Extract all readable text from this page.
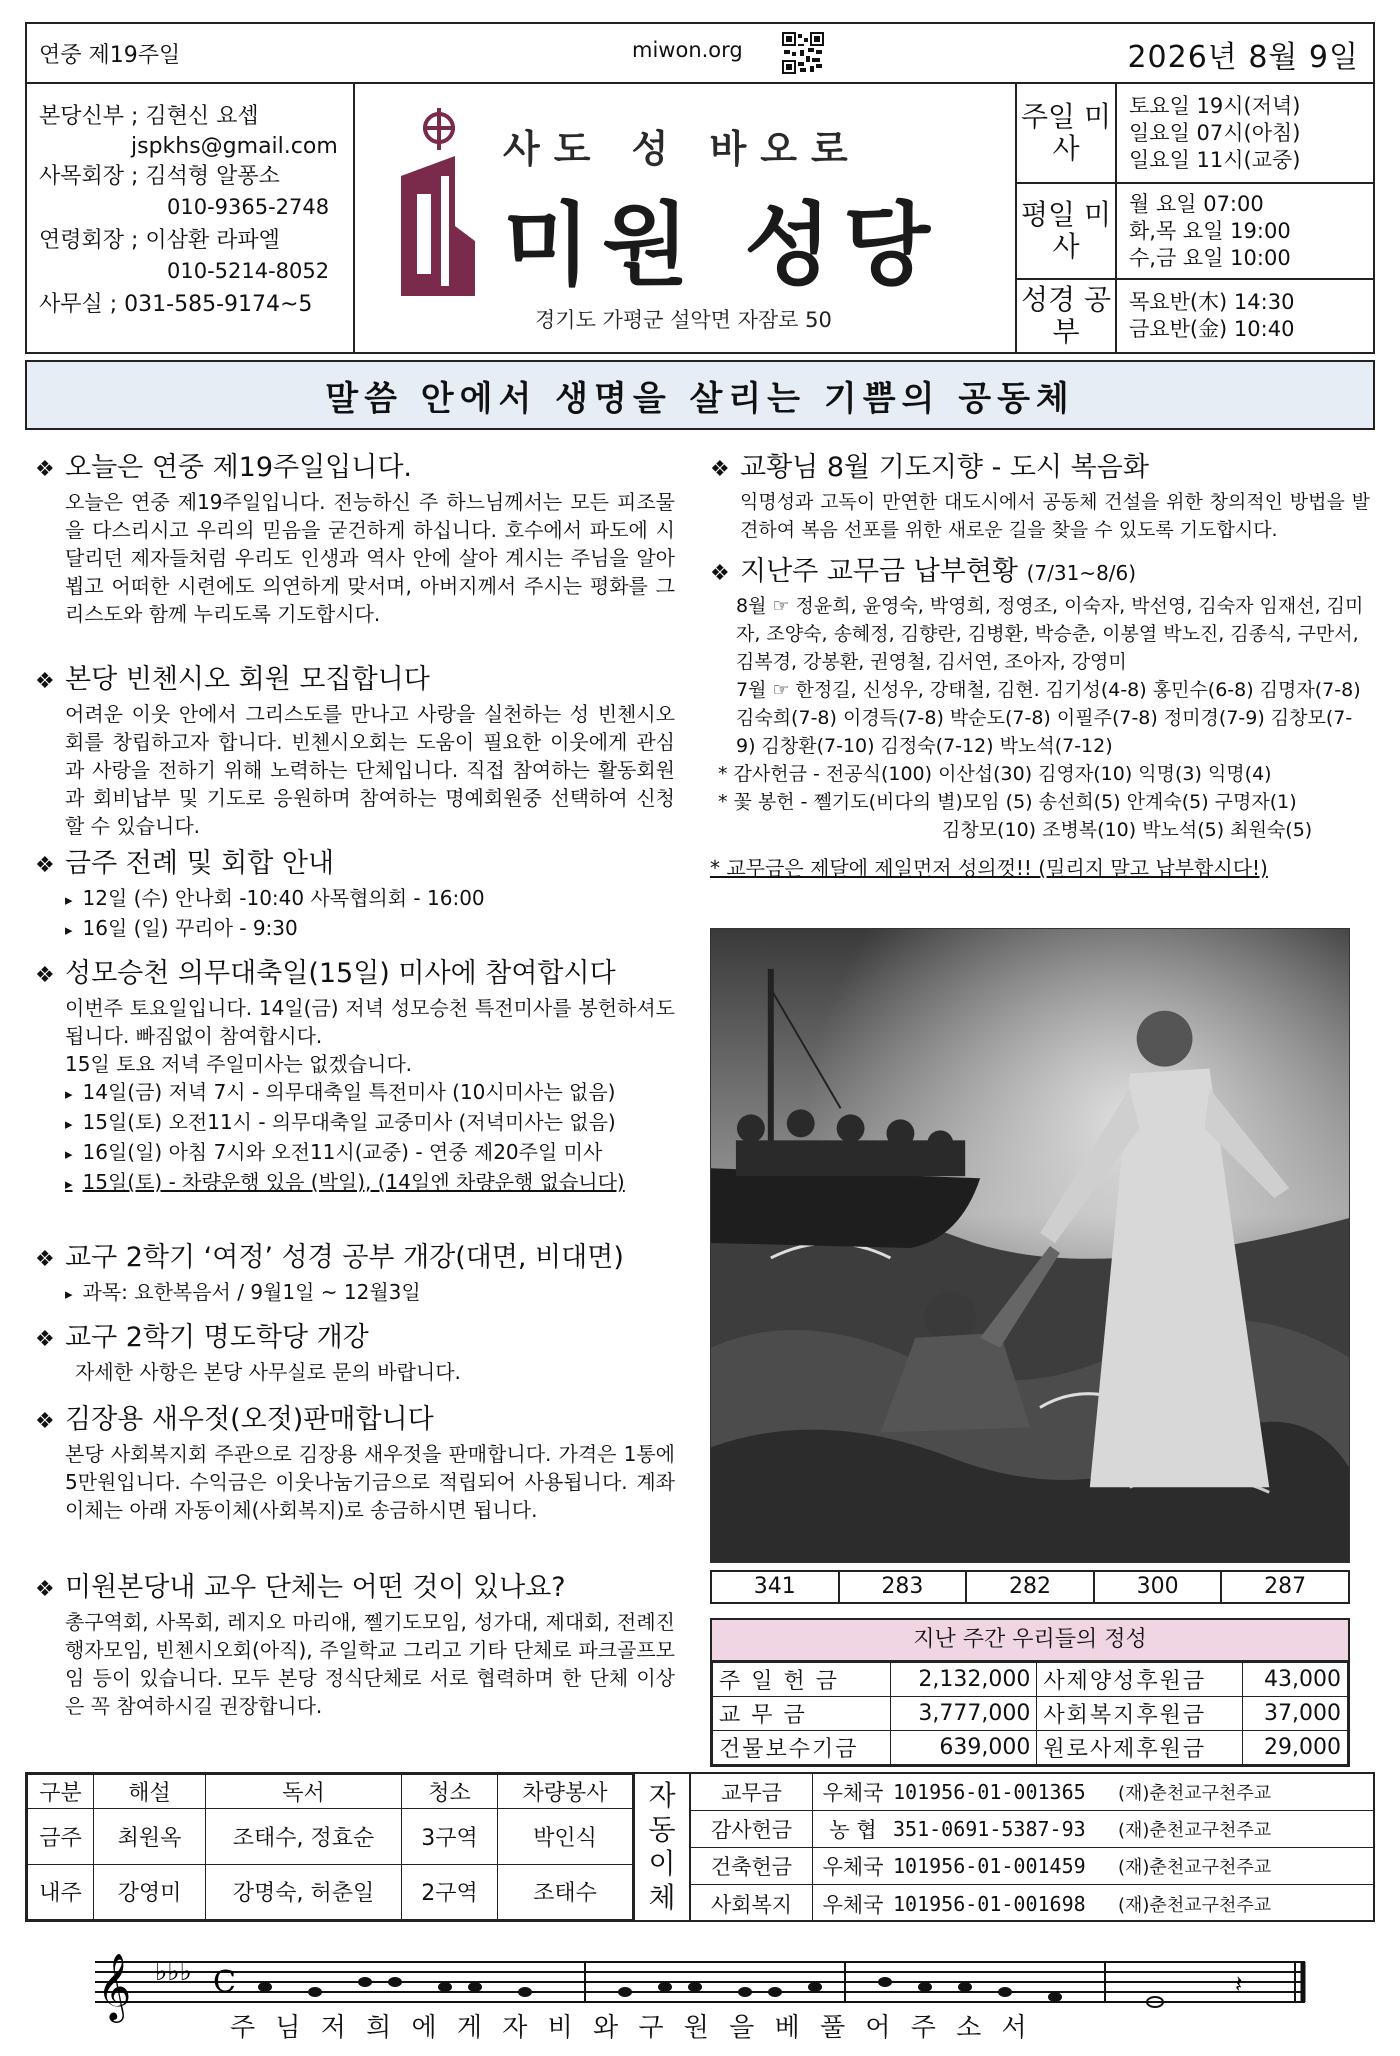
연중 제19주일	miwon.org	2026년 8월 9일
본당신부 ; 김현신 요셉
jspkhs@gmail.com
사목회장 ; 김석형 알퐁소
010-9365-2748
연령회장 ; 이삼환 라파엘
010-5214-8052
사무실 ; 031-585-9174~5
사도 성 바오로
미원 성당
경기도 가평군 설악면 자잠로 50
주일 미사
토요일 19시(저녁)
일요일 07시(아침)
일요일 11시(교중)
평일 미사
월 요일 07:00
화,목 요일 19:00
수,금 요일 10:00
성경 공부
목요반(木) 14:30
금요반(金) 10:40
말씀 안에서 생명을 살리는 기쁨의 공동체
❖ 오늘은 연중 제19주일입니다.
오늘은 연중 제19주일입니다. 전능하신 주 하느님께서는 모든 피조물을 다스리시고 우리의 믿음을 굳건하게 하십니다. 호수에서 파도에 시달리던 제자들처럼 우리도 인생과 역사 안에 살아 계시는 주님을 알아 뵙고 어떠한 시련에도 의연하게 맞서며, 아버지께서 주시는 평화를 그리스도와 함께 누리도록 기도합시다.
❖ 본당 빈첸시오 회원 모집합니다
어려운 이웃 안에서 그리스도를 만나고 사랑을 실천하는 성 빈첸시오회를 창립하고자 합니다. 빈첸시오회는 도움이 필요한 이웃에게 관심과 사랑을 전하기 위해 노력하는 단체입니다. 직접 참여하는 활동회원과 회비납부 및 기도로 응원하며 참여하는 명예회원중 선택하여 신청할 수 있습니다.
❖ 금주 전례 및 회합 안내
▸ 12일 (수) 안나회 -10:40 사목협의회 - 16:00
▸ 16일 (일) 꾸리아 - 9:30
❖ 성모승천 의무대축일(15일) 미사에 참여합시다
이번주 토요일입니다. 14일(금) 저녁 성모승천 특전미사를 봉헌하셔도 됩니다. 빠짐없이 참여합시다.
15일 토요 저녁 주일미사는 없겠습니다.
▸ 14일(금) 저녁 7시 - 의무대축일 특전미사 (10시미사는 없음)
▸ 15일(토) 오전11시 - 의무대축일 교중미사 (저녁미사는 없음)
▸ 16일(일) 아침 7시와 오전11시(교중) - 연중 제20주일 미사
▸ 15일(토) - 차량운행 있음 (박일), (14일엔 차량운행 없습니다)
❖ 교구 2학기 ‘여정’ 성경 공부 개강(대면, 비대면)
▸ 과목: 요한복음서 / 9월1일 ~ 12월3일
❖ 교구 2학기 명도학당 개강
자세한 사항은 본당 사무실로 문의 바랍니다.
❖ 김장용 새우젓(오젓)판매합니다
본당 사회복지회 주관으로 김장용 새우젓을 판매합니다. 가격은 1통에 5만원입니다. 수익금은 이웃나눔기금으로 적립되어 사용됩니다. 계좌이체는 아래 자동이체(사회복지)로 송금하시면 됩니다.
❖ 미원본당내 교우 단체는 어떤 것이 있나요?
총구역회, 사목회, 레지오 마리애, 쩰기도모임, 성가대, 제대회, 전례진행자모임, 빈첸시오회(아직), 주일학교 그리고 기타 단체로 파크골프모임 등이 있습니다. 모두 본당 정식단체로 서로 협력하며 한 단체 이상은 꼭 참여하시길 권장합니다.
❖ 교황님 8월 기도지향 - 도시 복음화
익명성과 고독이 만연한 대도시에서 공동체 건설을 위한 창의적인 방법을 발견하여 복음 선포를 위한 새로운 길을 찾을 수 있도록 기도합시다.
❖ 지난주 교무금 납부현황 (7/31~8/6)
8월 ☞ 정윤희, 윤영숙, 박영희, 정영조, 이숙자, 박선영, 김숙자 임재선, 김미자, 조양숙, 송혜정, 김향란, 김병환, 박승춘, 이봉열 박노진, 김종식, 구만서, 김복경, 강봉환, 권영철, 김서연, 조아자, 강영미
7월 ☞ 한정길, 신성우, 강태철, 김현. 김기성(4-8) 홍민수(6-8) 김명자(7-8) 김숙희(7-8) 이경득(7-8) 박순도(7-8) 이필주(7-8) 정미경(7-9) 김창모(7-9) 김창환(7-10) 김정숙(7-12) 박노석(7-12)
* 감사헌금 - 전공식(100) 이산섭(30) 김영자(10) 익명(3) 익명(4)
* 꽃 봉헌 - 쩰기도(비다의 별)모임 (5) 송선희(5) 안계숙(5) 구명자(1)
김창모(10) 조병복(10) 박노석(5) 최원숙(5)
* 교무금은 제달에 제일먼저 성의껏!! (밀리지 말고 납부합시다!)
341	283	282	300	287
지난 주간 우리들의 정성
주 일 헌 금	2,132,000	사제양성후원금	43,000
교 무 금	3,777,000	사회복지후원금	37,000
건물보수기금	639,000	원로사제후원금	29,000
구분	해설	독서	청소	차량봉사
금주	최원옥	조태수, 정효순	3구역	박인식
내주	강영미	강명숙, 허춘일	2구역	조태수
자
동
이
체
교무금	우체국 101956-01-001365	(재)춘천교구천주교
감사헌금	농 협 351-0691-5387-93	(재)춘천교구천주교
건축헌금	우체국 101956-01-001459	(재)춘천교구천주교
사회복지	우체국 101956-01-001698	(재)춘천교구천주교
𝄞 ♭♭♭ C	𝄽
주 님 저 희 에 게 자 비 와 구 원 을 베 풀 어 주 소 서
